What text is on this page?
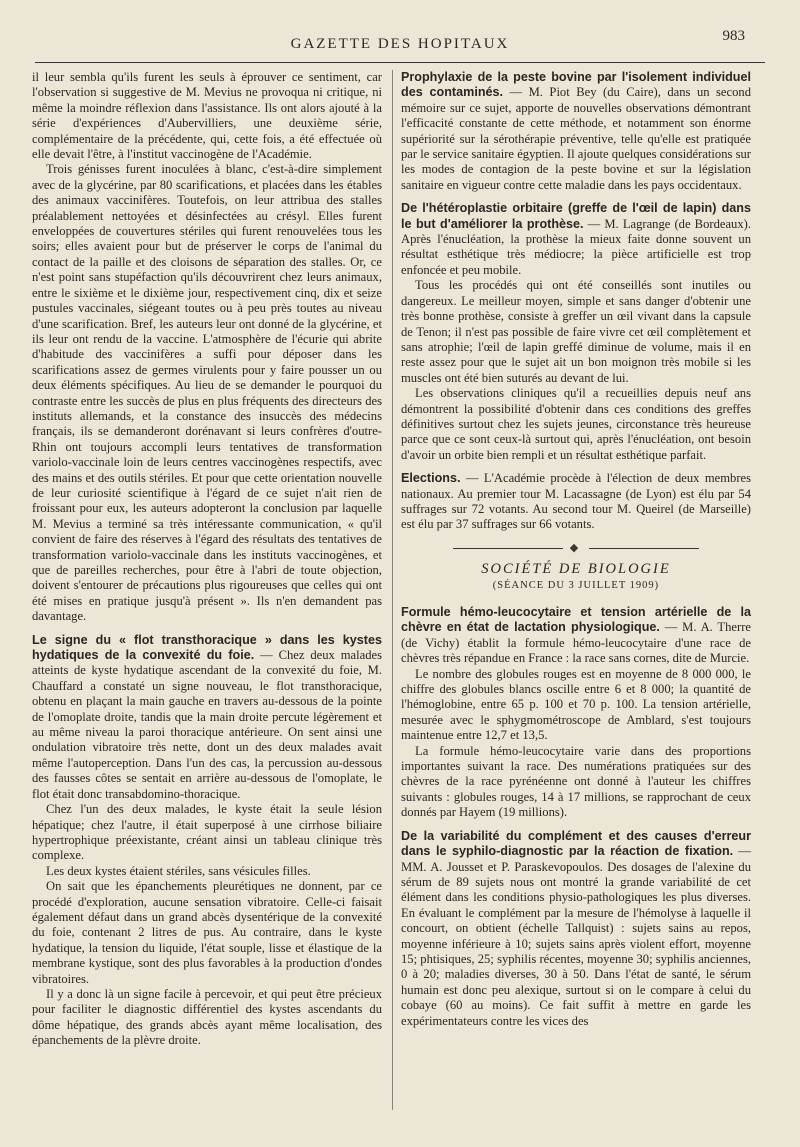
GAZETTE DES HOPITAUX	983

il leur sembla qu'ils furent les seuls à éprouver ce sentiment, car l'observation si suggestive de M. Mevius ne provoqua ni critique, ni même la moindre réflexion dans l'assistance. Ils ont alors ajouté à la série d'expériences d'Aubervilliers, une deuxième série, complémentaire de la précédente, qui, cette fois, a été effectuée où elle devait l'être, à l'institut vaccinogène de l'Académie.

Trois génisses furent inoculées à blanc, c'est-à-dire simplement avec de la glycérine, par 80 scarifications, et placées dans les étables des animaux vaccinifères. Toutefois, on leur attribua des stalles préalablement nettoyées et désinfectées au crésyl. Elles furent enveloppées de couvertures stériles qui furent renouvelées tous les soirs; elles avaient pour but de préserver le corps de l'animal du contact de la paille et des cloisons de séparation des stalles. Or, ce n'est point sans stupéfaction qu'ils découvrirent chez leurs animaux, entre le sixième et le dixième jour, respectivement cinq, dix et seize pustules vaccinales, siégeant toutes ou à peu près toutes au niveau d'une scarification. Bref, les auteurs leur ont donné de la glycérine, et ils leur ont rendu de la vaccine. L'atmosphère de l'écurie qui abrite d'habitude des vaccinifères a suffi pour déposer dans les scarifications assez de germes virulents pour y faire pousser un ou deux éléments spécifiques. Au lieu de se demander le pourquoi du contraste entre les succès de plus en plus fréquents des directeurs des instituts allemands, et la constance des insuccès des médecins français, ils se demanderont dorénavant si leurs confrères d'outre-Rhin ont toujours accompli leurs tentatives de transformation variolo-vaccinale loin de leurs centres vaccinogènes respectifs, avec des mains et des outils stériles. Et pour que cette orientation nouvelle de leur curiosité scientifique à l'égard de ce sujet n'ait rien de froissant pour eux, les auteurs adopteront la conclusion par laquelle M. Mevius a terminé sa très intéressante communication, « qu'il convient de faire des réserves à l'égard des résultats des tentatives de transformation variolo-vaccinale dans les instituts vaccinogènes, et que de pareilles recherches, pour être à l'abri de toute objection, doivent s'entourer de précautions plus rigoureuses que celles qui ont été mises en pratique jusqu'à présent ». Ils n'en demandent pas davantage.

Le signe du « flot transthoracique » dans les kystes hydatiques de la convexité du foie. — Chez deux malades atteints de kyste hydatique ascendant de la convexité du foie, M. Chauffard a constaté un signe nouveau, le flot transthoracique, obtenu en plaçant la main gauche en travers au-dessous de la pointe de l'omoplate droite, tandis que la main droite percute légèrement et au même niveau la paroi thoracique antérieure. On sent ainsi une ondulation vibratoire très nette, dont un des deux malades avait même l'autoperception. Dans l'un des cas, la percussion au-dessous des fausses côtes se sentait en arrière au-dessous de l'omoplate, le flot était donc transabdomino-thoracique.

Chez l'un des deux malades, le kyste était la seule lésion hépatique; chez l'autre, il était superposé à une cirrhose biliaire hypertrophique préexistante, créant ainsi un tableau clinique très complexe.

Les deux kystes étaient stériles, sans vésicules filles.

On sait que les épanchements pleurétiques ne donnent, par ce procédé d'exploration, aucune sensation vibratoire. Celle-ci faisait également défaut dans un grand abcès dysentérique de la convexité du foie, contenant 2 litres de pus. Au contraire, dans le kyste hydatique, la tension du liquide, l'état souple, lisse et élastique de la membrane kystique, sont des plus favorables à la production d'ondes vibratoires.

Il y a donc là un signe facile à percevoir, et qui peut être précieux pour faciliter le diagnostic différentiel des kystes ascendants du dôme hépatique, des grands abcès ayant même localisation, des épanchements de la plèvre droite.

Prophylaxie de la peste bovine par l'isolement individuel des contaminés. — M. Piot Bey (du Caire), dans un second mémoire sur ce sujet, apporte de nouvelles observations démontrant l'efficacité constante de cette méthode, et notamment son énorme supériorité sur la sérothérapie préventive, telle qu'elle est pratiquée par le service sanitaire égyptien. Il ajoute quelques considérations sur les modes de contagion de la peste bovine et sur la législation sanitaire en vigueur contre cette maladie dans les pays occidentaux.

De l'hétéroplastie orbitaire (greffe de l'œil de lapin) dans le but d'améliorer la prothèse. — M. Lagrange (de Bordeaux). Après l'énucléation, la prothèse la mieux faite donne souvent un résultat esthétique très médiocre; la pièce artificielle est trop enfoncée et peu mobile.

Tous les procédés qui ont été conseillés sont inutiles ou dangereux. Le meilleur moyen, simple et sans danger d'obtenir une très bonne prothèse, consiste à greffer un œil vivant dans la capsule de Tenon; il n'est pas possible de faire vivre cet œil complètement et sans atrophie; l'œil de lapin greffé diminue de volume, mais il en reste assez pour que le sujet ait un bon moignon très mobile si les muscles ont été bien suturés au devant de lui.

Les observations cliniques qu'il a recueillies depuis neuf ans démontrent la possibilité d'obtenir dans ces conditions des greffes définitives surtout chez les sujets jeunes, circonstance très heureuse parce que ce sont ceux-là surtout qui, après l'énucléation, ont besoin d'avoir un orbite bien rempli et un résultat esthétique parfait.

Elections. — L'Académie procède à l'élection de deux membres nationaux. Au premier tour M. Lacassagne (de Lyon) est élu par 54 suffrages sur 72 votants. Au second tour M. Queirel (de Marseille) est élu par 37 suffrages sur 66 votants.

◆
SOCIÉTÉ DE BIOLOGIE
(SÉANCE DU 3 JUILLET 1909)

Formule hémo-leucocytaire et tension artérielle de la chèvre en état de lactation physiologique. — M. A. Therre (de Vichy) établit la formule hémo-leucocytaire d'une race de chèvres très répandue en France : la race sans cornes, dite de Murcie.

Le nombre des globules rouges est en moyenne de 8 000 000, le chiffre des globules blancs oscille entre 6 et 8 000; la quantité de l'hémoglobine, entre 65 p. 100 et 70 p. 100. La tension artérielle, mesurée avec le sphygmométroscope de Amblard, s'est toujours maintenue entre 12,7 et 13,5.

La formule hémo-leucocytaire varie dans des proportions importantes suivant la race. Des numérations pratiquées sur des chèvres de la race pyrénéenne ont donné à l'auteur les chiffres suivants : globules rouges, 14 à 17 millions, se rapprochant de ceux donnés par Hayem (19 millions).

De la variabilité du complément et des causes d'erreur dans le syphilo-diagnostic par la réaction de fixation. — MM. A. Jousset et P. Paraskevopoulos. Des dosages de l'alexine du sérum de 89 sujets nous ont montré la grande variabilité de cet élément dans les conditions physio-pathologiques les plus diverses. En évaluant le complément par la mesure de l'hémolyse à laquelle il concourt, on obtient (échelle Tallquist) : sujets sains au repos, moyenne inférieure à 10; sujets sains après violent effort, moyenne 15; phtisiques, 25; syphilis récentes, moyenne 30; syphilis anciennes, 0 à 20; maladies diverses, 30 à 50. Dans l'état de santé, le sérum humain est donc peu alexique, surtout si on le compare à celui du cobaye (60 au moins). Ce fait suffit à mettre en garde les expérimentateurs contre les vices des
